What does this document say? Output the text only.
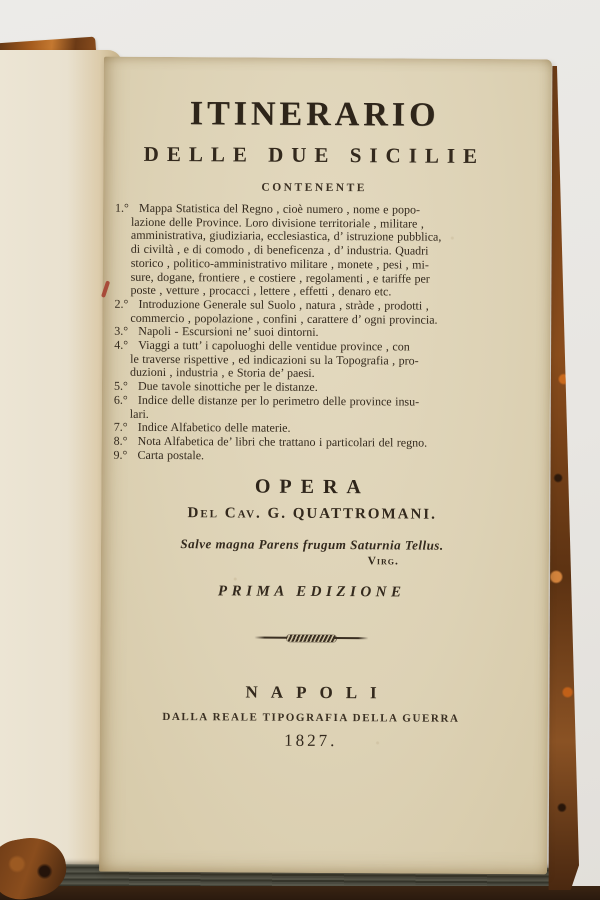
ITINERARIO
DELLE DUE SICILIE
CONTENENTE
1.° Mappa Statistica del Regno , cioè numero , nome e popo-
lazione delle Province. Loro divisione territoriale , militare ,
amministrativa, giudiziaria, ecclesiastica, d’ istruzione pubblica,
di civiltà , e di comodo , di beneficenza , d’ industria. Quadri
storico , politico-amministrativo militare , monete , pesi , mi-
sure, dogane, frontiere , e costiere , regolamenti , e tariffe per
poste , vetture , procacci , lettere , effetti , denaro etc.
2.° Introduzione Generale sul Suolo , natura , stràde , prodotti ,
commercio , popolazione , confini , carattere d’ ogni provincia.
3.° Napoli - Escursioni ne’ suoi dintorni.
4.° Viaggi a tutt’ i capoluoghi delle ventidue province , con
le traverse rispettive , ed indicazioni su la Topografia , pro-
duzioni , industria , e Storia de’ paesi.
5.° Due tavole sinottiche per le distanze.
6.° Indice delle distanze per lo perimetro delle province insu-
lari.
7.° Indice Alfabetico delle materie.
8.° Nota Alfabetica de’ libri che trattano i particolari del regno.
9.° Carta postale.
OPERA
Del Cav. G. QUATTROMANI.
Salve magna Parens frugum Saturnia Tellus.
Virg.
PRIMA EDIZIONE
NAPOLI
DALLA REALE TIPOGRAFIA DELLA GUERRA
1827.
